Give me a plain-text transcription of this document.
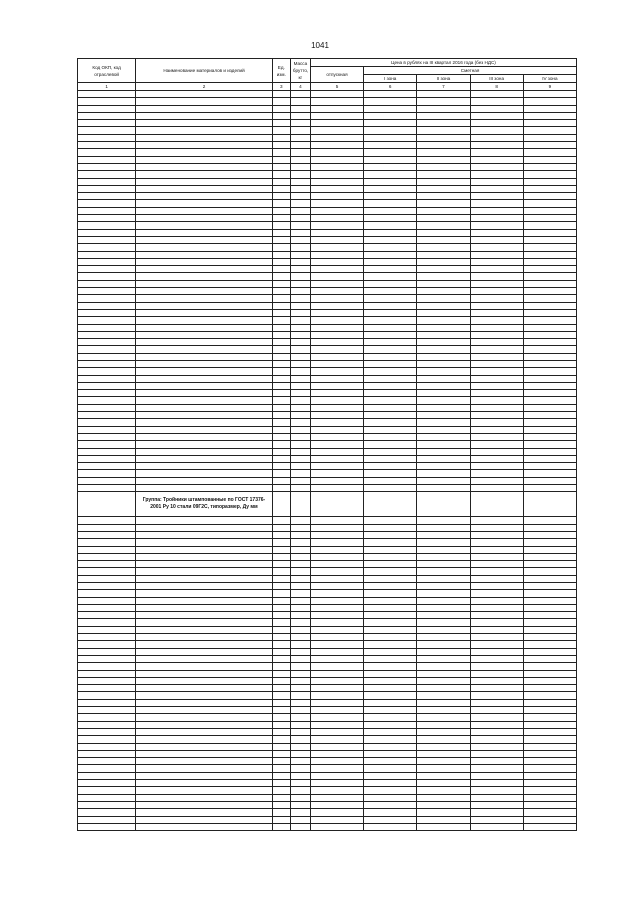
1041
Код ОКП, код отраслевой	Наименование материалов и изделий	Ед. изм.	Масса брутто, кг	Цена в рублях на III квартал 2016 года (без НДС)				
				отпускная	Сметная			
					I зона	II зона	III зона	IV зона
1	2	3	4	5	6	7	8	9

	Группа: Тройники штампованные по ГОСТ 17376-2001 Ру 10 стали 09Г2С, типоразмер, Ду мм							
